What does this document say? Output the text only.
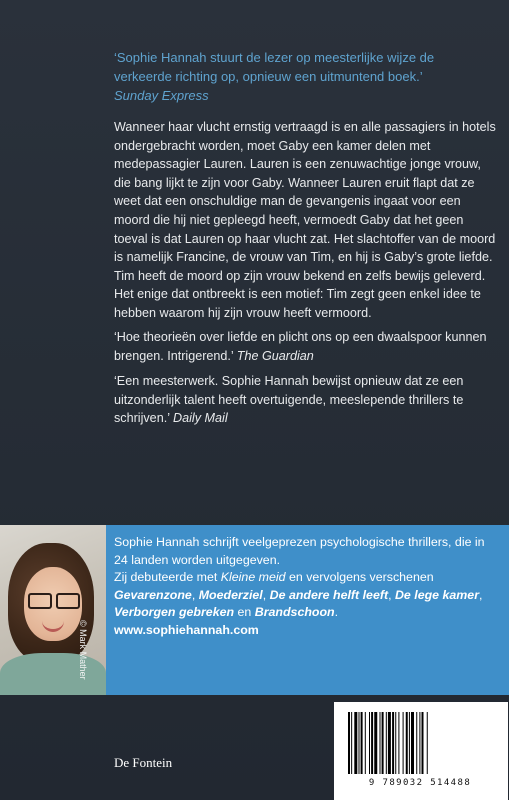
‘Sophie Hannah stuurt de lezer op meesterlijke wijze de verkeerde richting op, opnieuw een uitmuntend boek.’
Sunday Express
Wanneer haar vlucht ernstig vertraagd is en alle passagiers in hotels ondergebracht worden, moet Gaby een kamer delen met medepassagier Lauren. Lauren is een zenuwachtige jonge vrouw, die bang lijkt te zijn voor Gaby. Wanneer Lauren eruit flapt dat ze weet dat een onschuldige man de gevangenis ingaat voor een moord die hij niet gepleegd heeft, vermoedt Gaby dat het geen toeval is dat Lauren op haar vlucht zat. Het slachtoffer van de moord is namelijk Francine, de vrouw van Tim, en hij is Gaby’s grote liefde. Tim heeft de moord op zijn vrouw bekend en zelfs bewijs geleverd. Het enige dat ontbreekt is een motief: Tim zegt geen enkel idee te hebben waarom hij zijn vrouw heeft vermoord.
‘Hoe theorieën over liefde en plicht ons op een dwaalspoor kunnen brengen. Intrigerend.’ The Guardian
‘Een meesterwerk. Sophie Hannah bewijst opnieuw dat ze een uitzonderlijk talent heeft overtuigende, meeslepende thrillers te schrijven.’ Daily Mail
© Mark Mather
Sophie Hannah schrijft veelgeprezen psychologische thrillers, die in 24 landen worden uitgegeven.
Zij debuteerde met Kleine meid en vervolgens verschenen
Gevarenzone, Moederziel, De andere helft leeft, De lege kamer, Verborgen gebreken en Brandschoon.
www.sophiehannah.com
9 789032 514488
De Fontein
